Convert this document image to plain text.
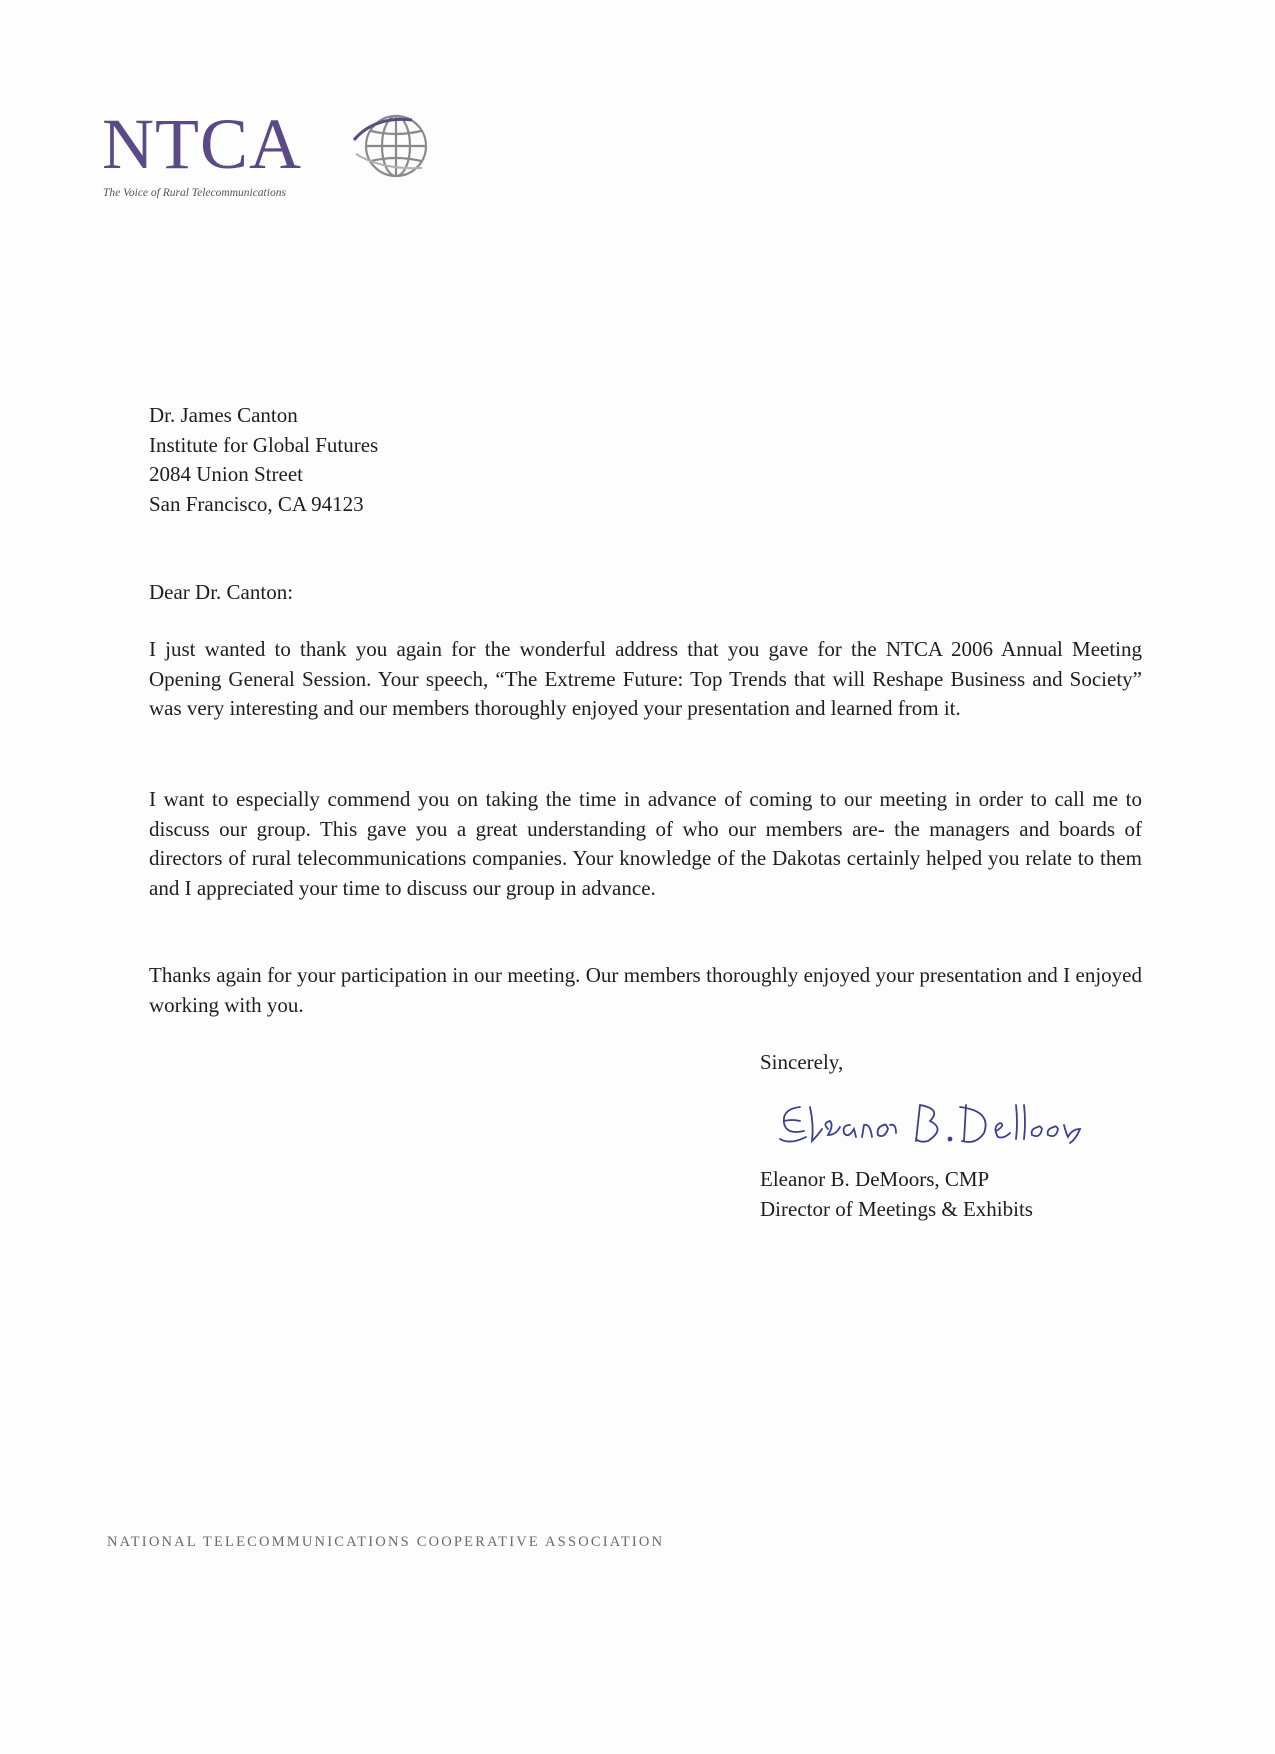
NTCA
The Voice of Rural Telecommunications
Dr. James Canton
Institute for Global Futures
2084 Union Street
San Francisco, CA 94123
Dear Dr. Canton:

I just wanted to thank you again for the wonderful address that you gave for the NTCA 2006 Annual Meeting Opening General Session. Your speech, “The Extreme Future: Top Trends that will Reshape Business and Society” was very interesting and our members thoroughly enjoyed your presentation and learned from it.

I want to especially commend you on taking the time in advance of coming to our meeting in order to call me to discuss our group. This gave you a great understanding of who our members are- the managers and boards of directors of rural telecommunications companies. Your knowledge of the Dakotas certainly helped you relate to them and I appreciated your time to discuss our group in advance.

Thanks again for your participation in our meeting. Our members thoroughly enjoyed your presentation and I enjoyed working with you.

Sincerely,
Eleanor B. DeMoors, CMP
Director of Meetings & Exhibits
NATIONAL TELECOMMUNICATIONS COOPERATIVE ASSOCIATION
